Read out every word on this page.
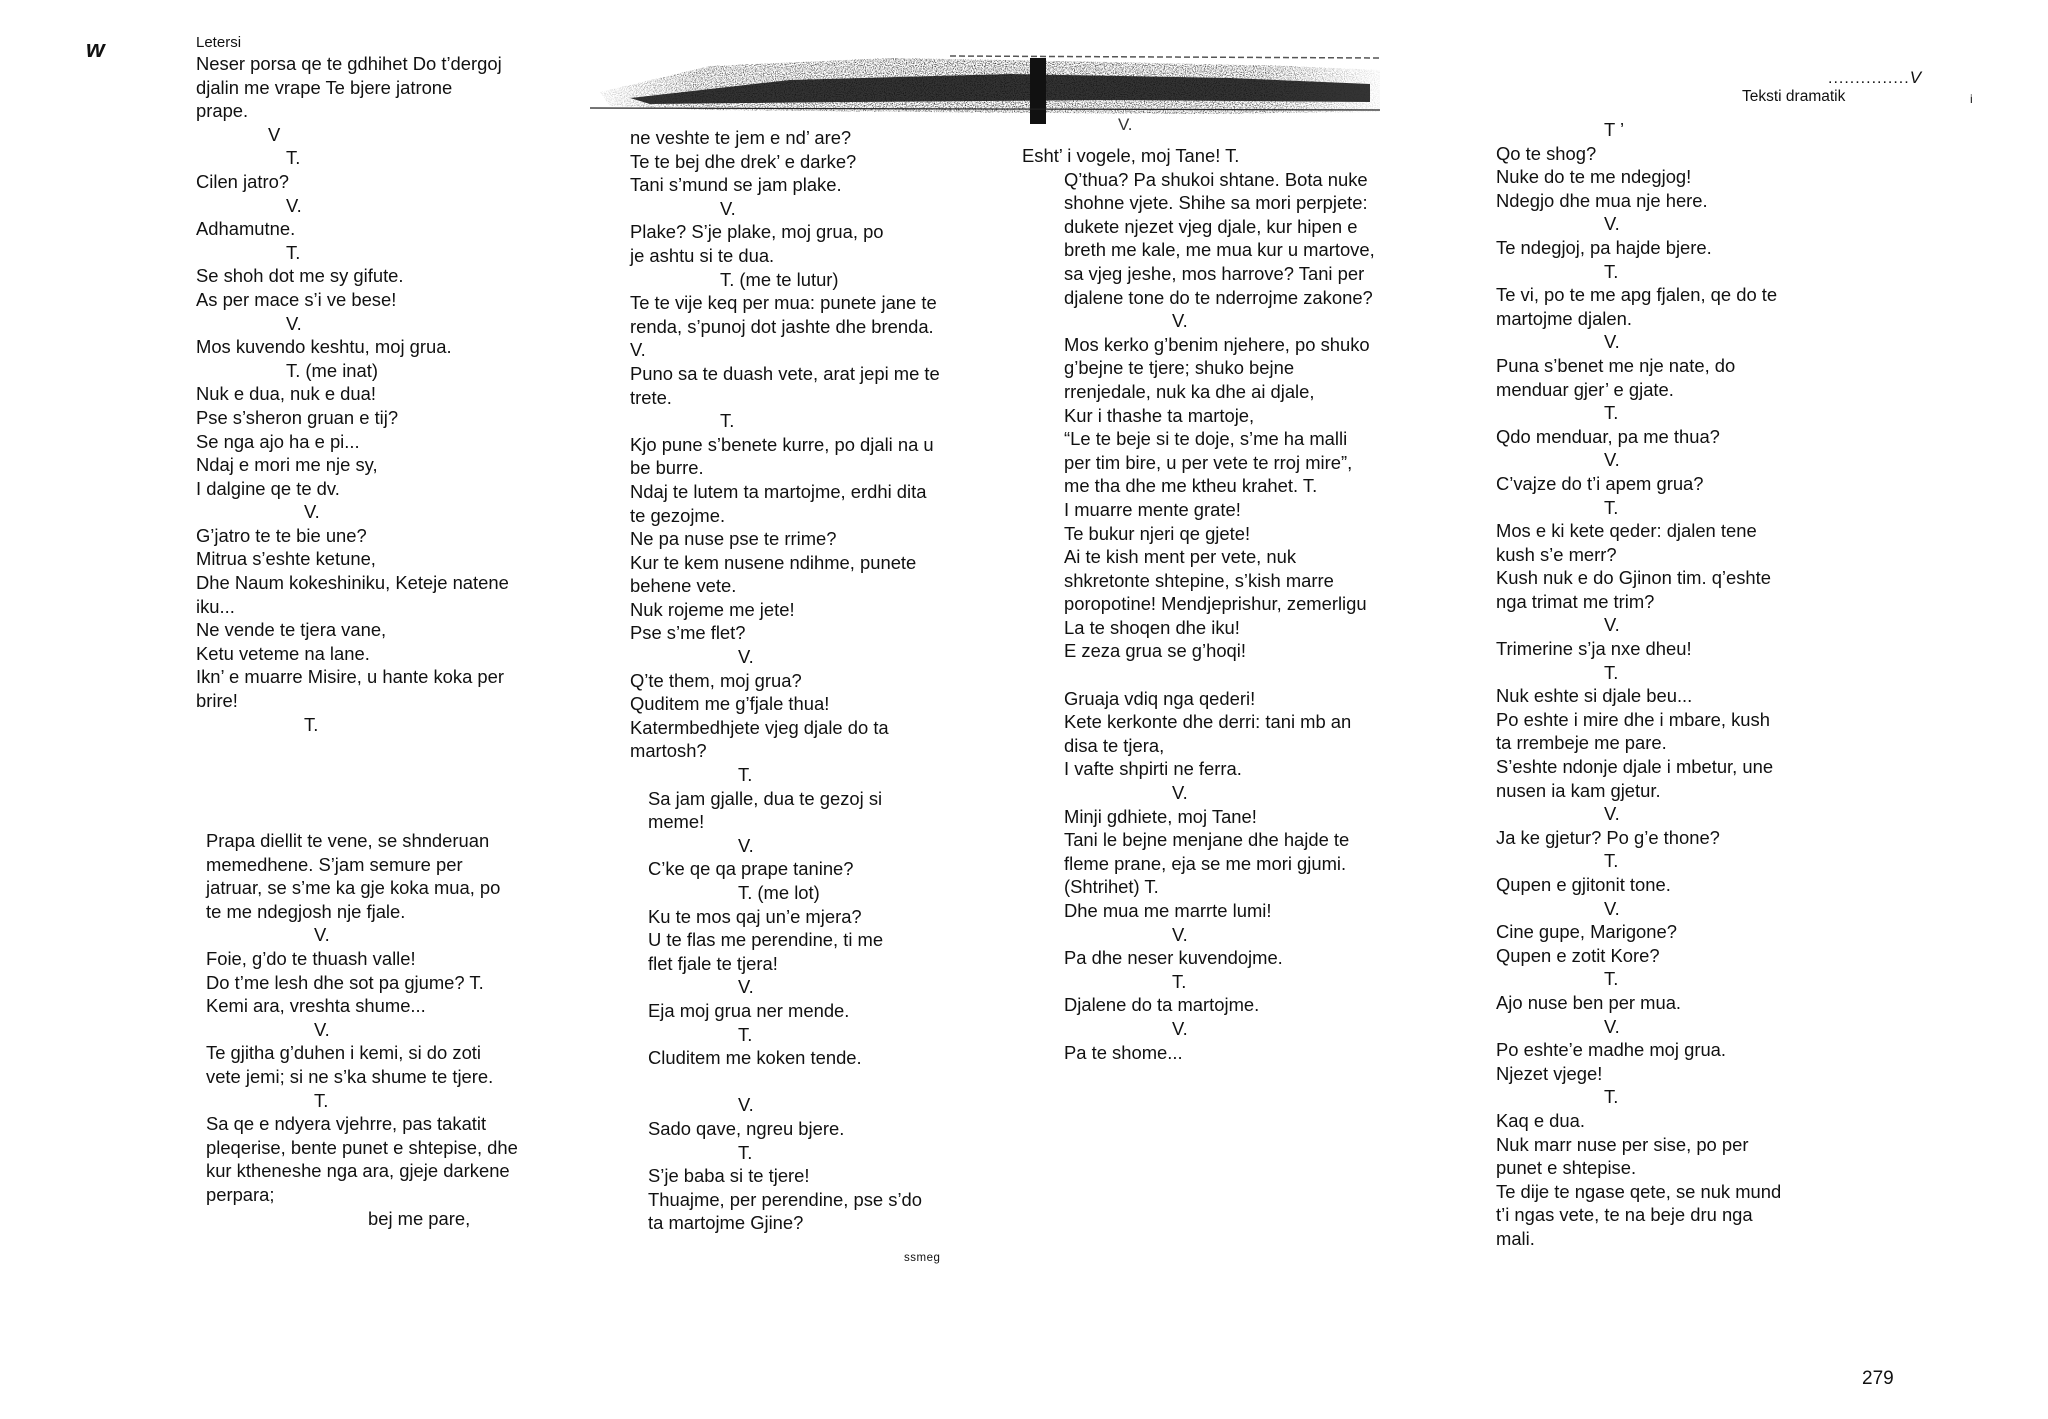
w	Letersi
...............V
Teksti dramatik	i
V.
Neser porsa qe te gdhihet Do t’dergoj
djalin me vrape Te bjere jatrone
prape.
V
T.
Cilen jatro?
V.
Adhamutne.
T.
Se shoh dot me sy gifute.
As per mace s’i ve bese!
V.
Mos kuvendo keshtu, moj grua.
T. (me inat)
Nuk e dua, nuk e dua!
Pse s’sheron gruan e tij?
Se nga ajo ha e pi...
Ndaj e mori me nje sy,
I dalgine qe te dv.
V.
G’jatro te te bie une?
Mitrua s’eshte ketune,
Dhe Naum kokeshiniku, Keteje natene
iku...
Ne vende te tjera vane,
Ketu veteme na lane.
Ikn’ e muarre Misire, u hante koka per
brire!
T.
Prapa diellit te vene, se shnderuan
memedhene. S’jam semure per
jatruar, se s’me ka gje koka mua, po
te me ndegjosh nje fjale.
V.
Foie, g’do te thuash valle!
Do t’me lesh dhe sot pa gjume? T.
Kemi ara, vreshta shume...
V.
Te gjitha g’duhen i kemi, si do zoti
vete jemi; si ne s’ka shume te tjere.
T.
Sa qe e ndyera vjehrre, pas takatit
pleqerise, bente punet e shtepise, dhe
kur ktheneshe nga ara, gjeje darkene
perpara;
bej me pare,
ne veshte te jem e nd’ are?
Te te bej dhe drek’ e darke?
Tani s’mund se jam plake.
V.
Plake? S’je plake, moj grua, po
je ashtu si te dua.
T. (me te lutur)
Te te vije keq per mua: punete jane te
renda, s’punoj dot jashte dhe brenda.
V.
Puno sa te duash vete, arat jepi me te
trete.
T.
Kjo pune s’benete kurre, po djali na u
be burre.
Ndaj te lutem ta martojme, erdhi dita
te gezojme.
Ne pa nuse pse te rrime?
Kur te kem nusene ndihme, punete
behene vete.
Nuk rojeme me jete!
Pse s’me flet?
V.
Q’te them, moj grua?
Quditem me g’fjale thua!
Katermbedhjete vjeg djale do ta
martosh?
T.
Sa jam gjalle, dua te gezoj si
meme!
V.
C’ke qe qa prape tanine?
T. (me lot)
Ku te mos qaj un’e mjera?
U te flas me perendine, ti me
flet fjale te tjera!
V.
Eja moj grua ner mende.
T.
Cluditem me koken tende.
V.
Sado qave, ngreu bjere.
T.
S’je baba si te tjere!
Thuajme, per perendine, pse s’do
ta martojme Gjine?
Esht’ i vogele, moj Tane! T.
Q’thua? Pa shukoi shtane. Bota nuke
shohne vjete. Shihe sa mori perpjete:
dukete njezet vjeg djale, kur hipen e
breth me kale, me mua kur u martove,
sa vjeg jeshe, mos harrove? Tani per
djalene tone do te nderrojme zakone?
V.
Mos kerko g’benim njehere, po shuko
g’bejne te tjere; shuko bejne
rrenjedale, nuk ka dhe ai djale,
Kur i thashe ta martoje,
“Le te beje si te doje, s’me ha malli
per tim bire, u per vete te rroj mire”,
me tha dhe me ktheu krahet. T.
I muarre mente grate!
Te bukur njeri qe gjete!
Ai te kish ment per vete, nuk
shkretonte shtepine, s’kish marre
poropotine! Mendjeprishur, zemerligu
La te shoqen dhe iku!
E zeza grua se g’hoqi!
Gruaja vdiq nga qederi!
Kete kerkonte dhe derri: tani mb an
disa te tjera,
I vafte shpirti ne ferra.
V.
Minji gdhiete, moj Tane!
Tani le bejne menjane dhe hajde te
fleme prane, eja se me mori gjumi.
(Shtrihet) T.
Dhe mua me marrte lumi!
V.
Pa dhe neser kuvendojme.
T.
Djalene do ta martojme.
V.
Pa te shome...
T ’
Qo te shog?
Nuke do te me ndegjog!
Ndegjo dhe mua nje here.
V.
Te ndegjoj, pa hajde bjere.
T.
Te vi, po te me apg fjalen, qe do te
martojme djalen.
V.
Puna s’benet me nje nate, do
menduar gjer’ e gjate.
T.
Qdo menduar, pa me thua?
V.
C’vajze do t’i apem grua?
T.
Mos e ki kete qeder: djalen tene
kush s’e merr?
Kush nuk e do Gjinon tim. q’eshte
nga trimat me trim?
V.
Trimerine s’ja nxe dheu!
T.
Nuk eshte si djale beu...
Po eshte i mire dhe i mbare, kush
ta rrembeje me pare.
S’eshte ndonje djale i mbetur, une
nusen ia kam gjetur.
V.
Ja ke gjetur? Po g’e thone?
T.
Qupen e gjitonit tone.
V.
Cine gupe, Marigone?
Qupen e zotit Kore?
T.
Ajo nuse ben per mua.
V.
Po eshte’e madhe moj grua.
Njezet vjege!
T.
Kaq e dua.
Nuk marr nuse per sise, po per
punet e shtepise.
Te dije te ngase qete, se nuk mund
t’i ngas vete, te na beje dru nga
mali.
ssmeg
279
